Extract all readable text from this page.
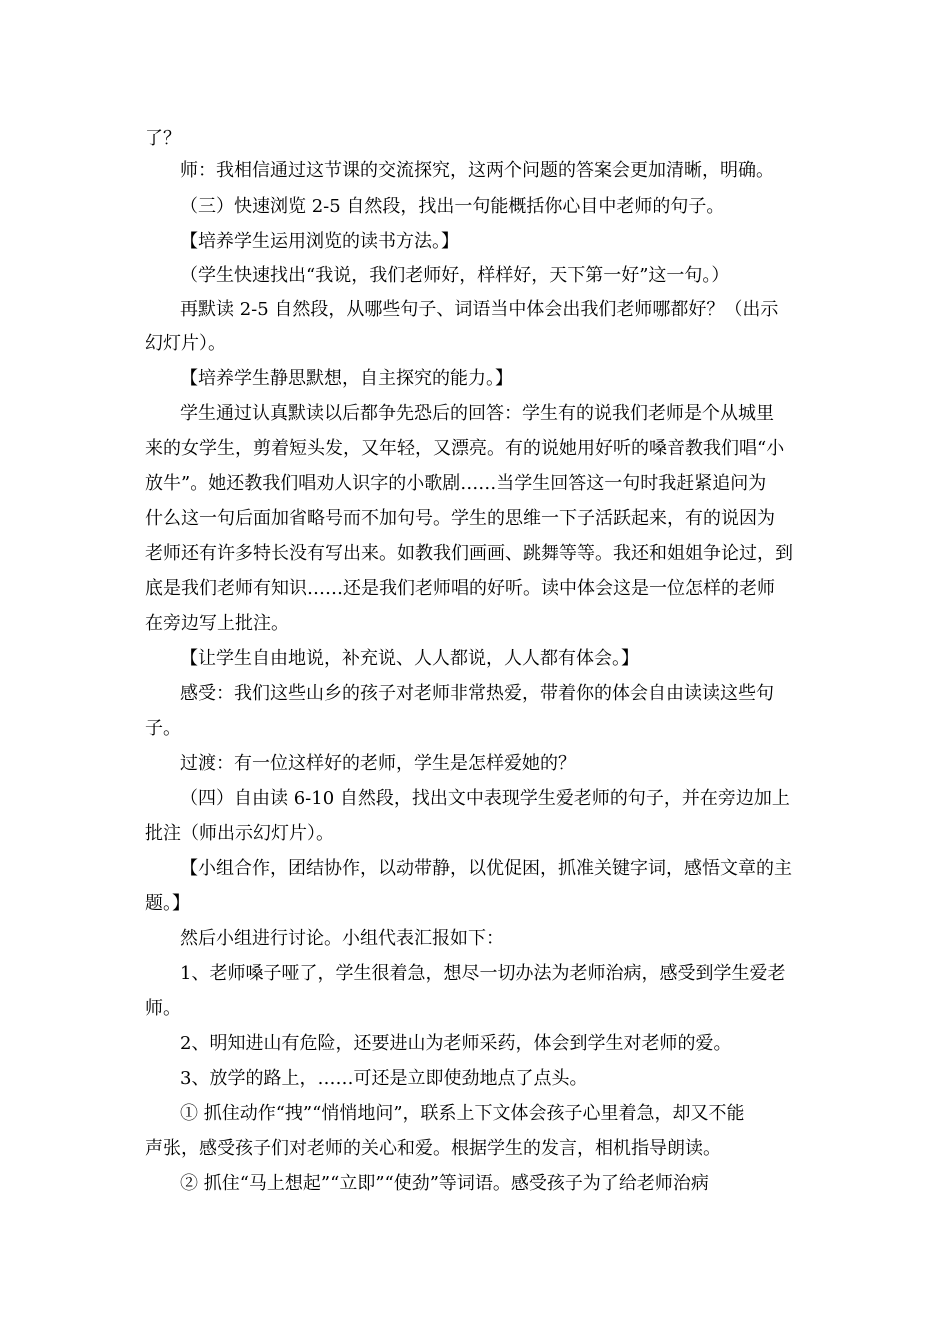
了？
师：我相信通过这节课的交流探究，这两个问题的答案会更加清晰，明确。
（三）快速浏览 2-5 自然段，找出一句能概括你心目中老师的句子。
【培养学生运用浏览的读书方法。】
（学生快速找出“我说，我们老师好，样样好，天下第一好”这一句。）
再默读 2-5 自然段，从哪些句子、词语当中体会出我们老师哪都好？（出示
幻灯片）。
【培养学生静思默想，自主探究的能力。】
学生通过认真默读以后都争先恐后的回答：学生有的说我们老师是个从城里
来的女学生，剪着短头发，又年轻，又漂亮。有的说她用好听的嗓音教我们唱“小
放牛”。她还教我们唱劝人识字的小歌剧……当学生回答这一句时我赶紧追问为
什么这一句后面加省略号而不加句号。学生的思维一下子活跃起来，有的说因为
老师还有许多特长没有写出来。如教我们画画、跳舞等等。我还和姐姐争论过，到
底是我们老师有知识……还是我们老师唱的好听。读中体会这是一位怎样的老师
在旁边写上批注。
【让学生自由地说，补充说、人人都说，人人都有体会。】
感受：我们这些山乡的孩子对老师非常热爱，带着你的体会自由读读这些句
子。
过渡：有一位这样好的老师，学生是怎样爱她的？
（四）自由读 6-10 自然段，找出文中表现学生爱老师的句子，并在旁边加上
批注（师出示幻灯片）。
【小组合作，团结协作，以动带静，以优促困，抓准关键字词，感悟文章的主
题。】
然后小组进行讨论。小组代表汇报如下：
1、老师嗓子哑了，学生很着急，想尽一切办法为老师治病，感受到学生爱老
师。
2、明知进山有危险，还要进山为老师采药，体会到学生对老师的爱。
3、放学的路上，……可还是立即使劲地点了点头。
① 抓住动作“拽”“悄悄地问”，联系上下文体会孩子心里着急，却又不能
声张，感受孩子们对老师的关心和爱。根据学生的发言，相机指导朗读。
② 抓住“马上想起”“立即”“使劲”等词语。感受孩子为了给老师治病
